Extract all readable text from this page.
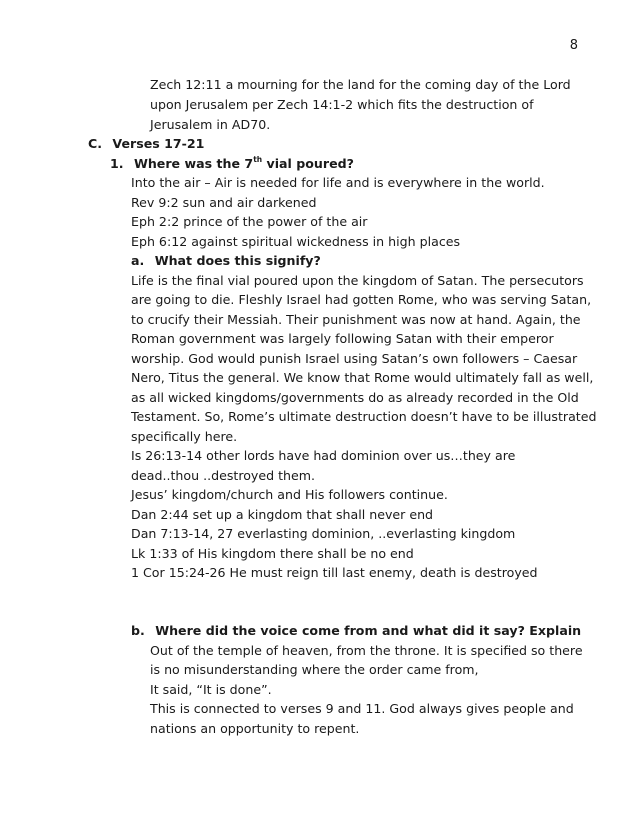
8
Zech 12:11 a mourning for the land for the coming day of the Lord
upon Jerusalem per Zech 14:1-2 which fits the destruction of
Jerusalem in AD70.
C. Verses 17-21
1. Where was the 7th vial poured?
Into the air – Air is needed for life and is everywhere in the world.
Rev 9:2 sun and air darkened
Eph 2:2 prince of the power of the air
Eph 6:12 against spiritual wickedness in high places
a. What does this signify?
Life is the final vial poured upon the kingdom of Satan. The persecutors
are going to die. Fleshly Israel had gotten Rome, who was serving Satan,
to crucify their Messiah. Their punishment was now at hand. Again, the
Roman government was largely following Satan with their emperor
worship. God would punish Israel using Satan’s own followers – Caesar
Nero, Titus the general. We know that Rome would ultimately fall as well,
as all wicked kingdoms/governments do as already recorded in the Old
Testament. So, Rome’s ultimate destruction doesn’t have to be illustrated
specifically here.
Is 26:13-14 other lords have had dominion over us…they are
dead..thou ..destroyed them.
Jesus’ kingdom/church and His followers continue.
Dan 2:44 set up a kingdom that shall never end
Dan 7:13-14, 27 everlasting dominion, ..everlasting kingdom
Lk 1:33 of His kingdom there shall be no end
1 Cor 15:24-26 He must reign till last enemy, death is destroyed
b. Where did the voice come from and what did it say? Explain
Out of the temple of heaven, from the throne. It is specified so there
is no misunderstanding where the order came from,
It said, “It is done”.
This is connected to verses 9 and 11. God always gives people and
nations an opportunity to repent.
